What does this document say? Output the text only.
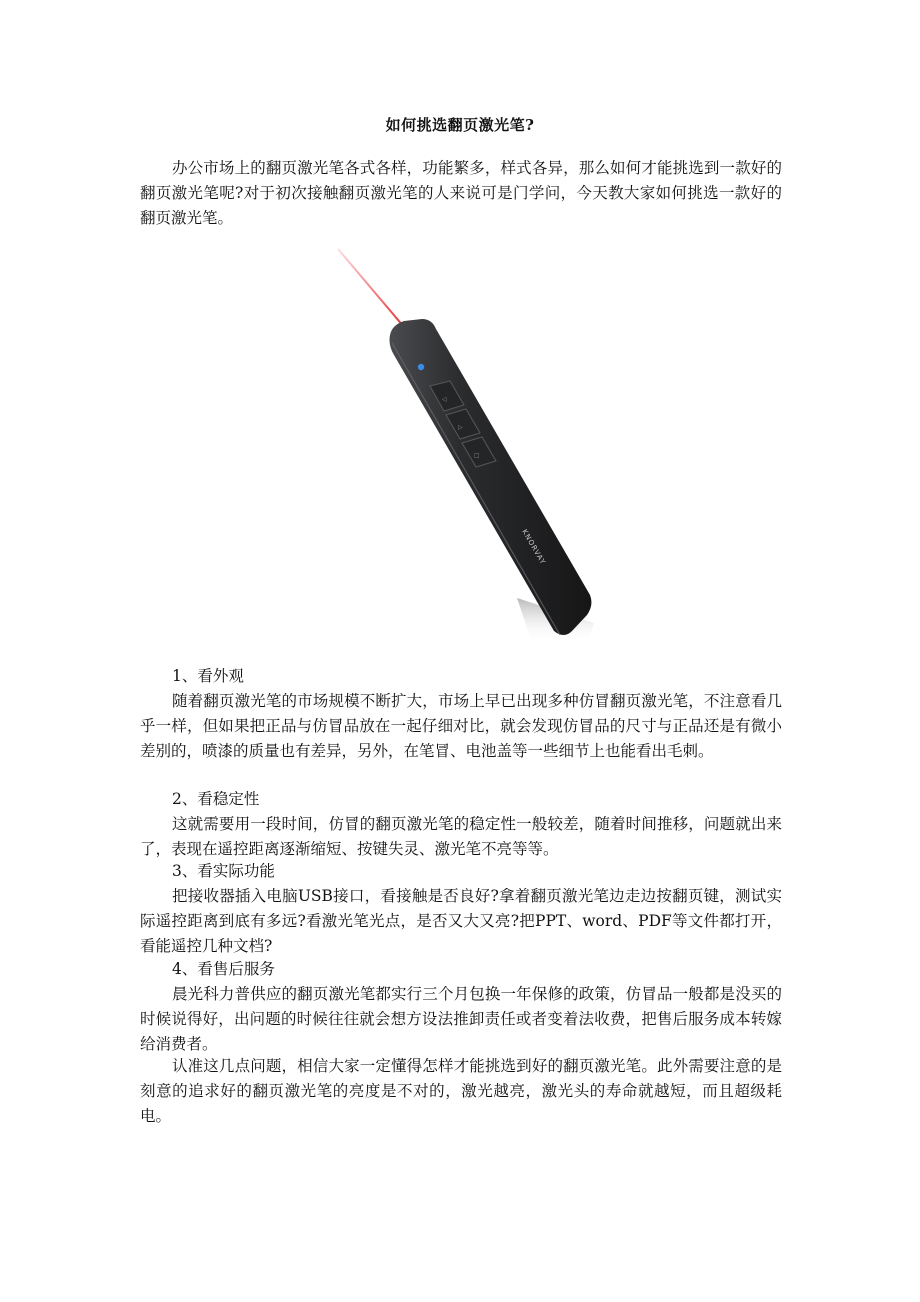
如何挑选翻页激光笔?

办公市场上的翻页激光笔各式各样，功能繁多，样式各异，那么如何才能挑选到一款好的翻页激光笔呢?对于初次接触翻页激光笔的人来说可是门学问，今天教大家如何挑选一款好的翻页激光笔。

◁
▷
□
KNORVAY
1、看外观

随着翻页激光笔的市场规模不断扩大，市场上早已出现多种仿冒翻页激光笔，不注意看几乎一样，但如果把正品与仿冒品放在一起仔细对比，就会发现仿冒品的尺寸与正品还是有微小差别的，喷漆的质量也有差异，另外，在笔冒、电池盖等一些细节上也能看出毛刺。

2、看稳定性

这就需要用一段时间，仿冒的翻页激光笔的稳定性一般较差，随着时间推移，问题就出来了，表现在遥控距离逐渐缩短、按键失灵、激光笔不亮等等。

3、看实际功能

把接收器插入电脑USB接口，看接触是否良好?拿着翻页激光笔边走边按翻页键，测试实际遥控距离到底有多远?看激光笔光点，是否又大又亮?把PPT、word、PDF等文件都打开，看能遥控几种文档?

4、看售后服务

晨光科力普供应的翻页激光笔都实行三个月包换一年保修的政策，仿冒品一般都是没买的时候说得好，出问题的时候往往就会想方设法推卸责任或者变着法收费，把售后服务成本转嫁给消费者。

认准这几点问题，相信大家一定懂得怎样才能挑选到好的翻页激光笔。此外需要注意的是刻意的追求好的翻页激光笔的亮度是不对的，激光越亮，激光头的寿命就越短，而且超级耗电。
